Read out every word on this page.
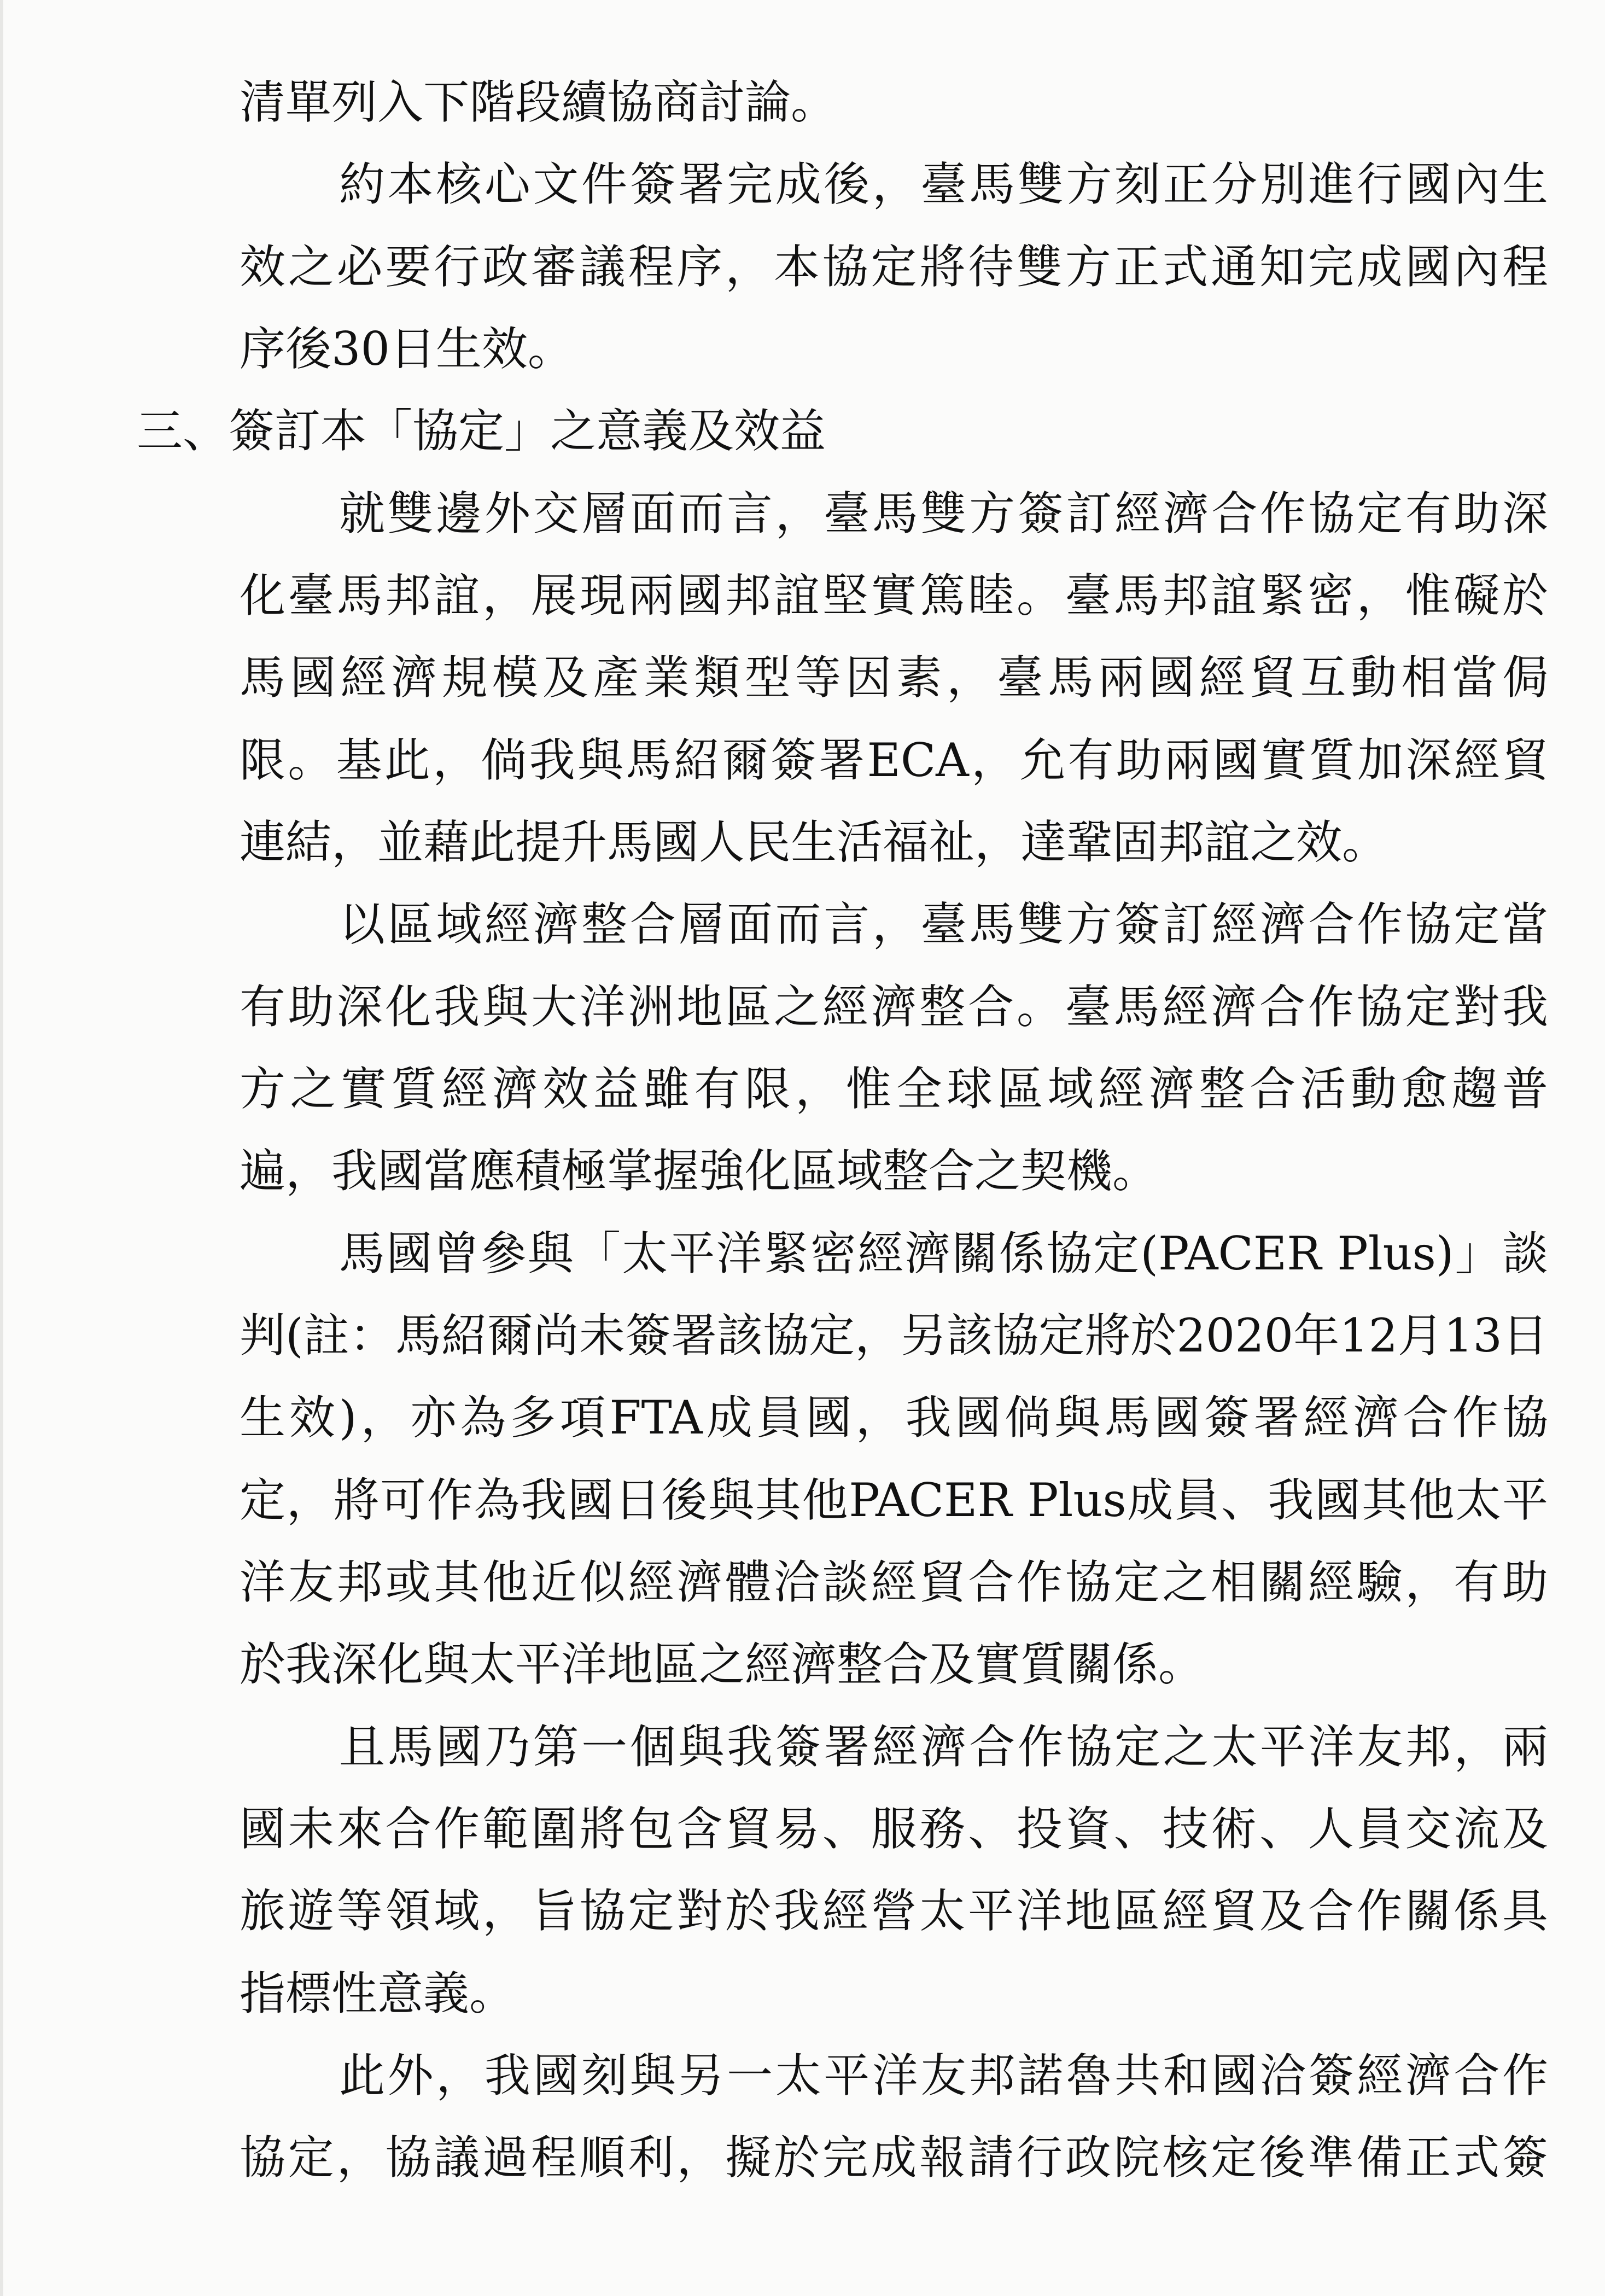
清單列入下階段續協商討論。
約本核心文件簽署完成後，臺馬雙方刻正分別進行國內生
效之必要行政審議程序，本協定將待雙方正式通知完成國內程
序後30日生效。
三、簽訂本「協定」之意義及效益
就雙邊外交層面而言，臺馬雙方簽訂經濟合作協定有助深
化臺馬邦誼，展現兩國邦誼堅實篤睦。臺馬邦誼緊密，惟礙於
馬國經濟規模及產業類型等因素，臺馬兩國經貿互動相當侷
限。基此，倘我與馬紹爾簽署ECA，允有助兩國實質加深經貿
連結，並藉此提升馬國人民生活福祉，達鞏固邦誼之效。
以區域經濟整合層面而言，臺馬雙方簽訂經濟合作協定當
有助深化我與大洋洲地區之經濟整合。臺馬經濟合作協定對我
方之實質經濟效益雖有限，惟全球區域經濟整合活動愈趨普
遍，我國當應積極掌握強化區域整合之契機。
馬國曾參與「太平洋緊密經濟關係協定(PACER Plus)」談
判(註：馬紹爾尚未簽署該協定，另該協定將於2020年12月13日
生效)，亦為多項FTA成員國，我國倘與馬國簽署經濟合作協
定，將可作為我國日後與其他PACER Plus成員、我國其他太平
洋友邦或其他近似經濟體洽談經貿合作協定之相關經驗，有助
於我深化與太平洋地區之經濟整合及實質關係。
且馬國乃第一個與我簽署經濟合作協定之太平洋友邦，兩
國未來合作範圍將包含貿易、服務、投資、技術、人員交流及
旅遊等領域，旨協定對於我經營太平洋地區經貿及合作關係具
指標性意義。
此外，我國刻與另一太平洋友邦諾魯共和國洽簽經濟合作
協定，協議過程順利，擬於完成報請行政院核定後準備正式簽
